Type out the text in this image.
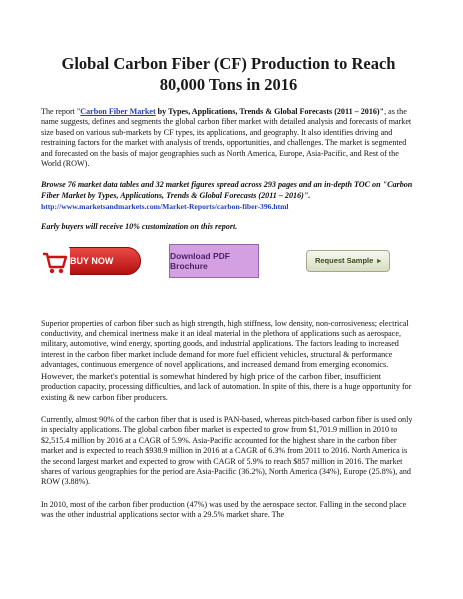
Global Carbon Fiber (CF) Production to Reach 80,000 Tons in 2016

The report "Carbon Fiber Market by Types, Applications, Trends & Global Forecasts (2011 – 2016)", as the name suggests, defines and segments the global carbon fiber market with detailed analysis and forecasts of market size based on various sub-markets by CF types, its applications, and geography. It also identifies driving and restraining factors for the market with analysis of trends, opportunities, and challenges. The market is segmented and forecasted on the basis of major geographies such as North America, Europe, Asia-Pacific, and Rest of the World (ROW).

Browse 76 market data tables and 32 market figures spread across 293 pages and an in-depth TOC on "Carbon Fiber Market by Types, Applications, Trends & Global Forecasts (2011 – 2016)".

http://www.marketsandmarkets.com/Market-Reports/carbon-fiber-396.html

Early buyers will receive 10% customization on this report.

BUY NOW	Download PDF Brochure	Request Sample ▸

Superior properties of carbon fiber such as high strength, high stiffness, low density, non-corrosiveness; electrical conductivity, and chemical inertness make it an ideal material in the plethora of applications such as aerospace, military, automotive, wind energy, sporting goods, and industrial applications. The factors leading to increased interest in the carbon fiber market include demand for more fuel efficient vehicles, structural & performance advantages, continuous emergence of novel applications, and increased demand from emerging economics. However, the market's potential is somewhat hindered by high price of the carbon fiber, insufficient production capacity, processing difficulties, and lack of automation. In spite of this, there is a huge opportunity for existing & new carbon fiber producers.

Currently, almost 90% of the carbon fiber that is used is PAN-based, whereas pitch-based carbon fiber is used only in specialty applications. The global carbon fiber market is expected to grow from $1,701.9 million in 2010 to $2,515.4 million by 2016 at a CAGR of 5.9%. Asia-Pacific accounted for the highest share in the carbon fiber market and is expected to reach $938.9 million in 2016 at a CAGR of 6.3% from 2011 to 2016. North America is the second largest market and expected to grow with CAGR of 5.9% to reach $857 million in 2016. The market shares of various geographies for the period are Asia-Pacific (36.2%), North America (34%), Europe (25.8%), and ROW (3.88%).

In 2010, most of the carbon fiber production (47%) was used by the aerospace sector. Falling in the second place was the other industrial applications sector with a 29.5% market share. The
